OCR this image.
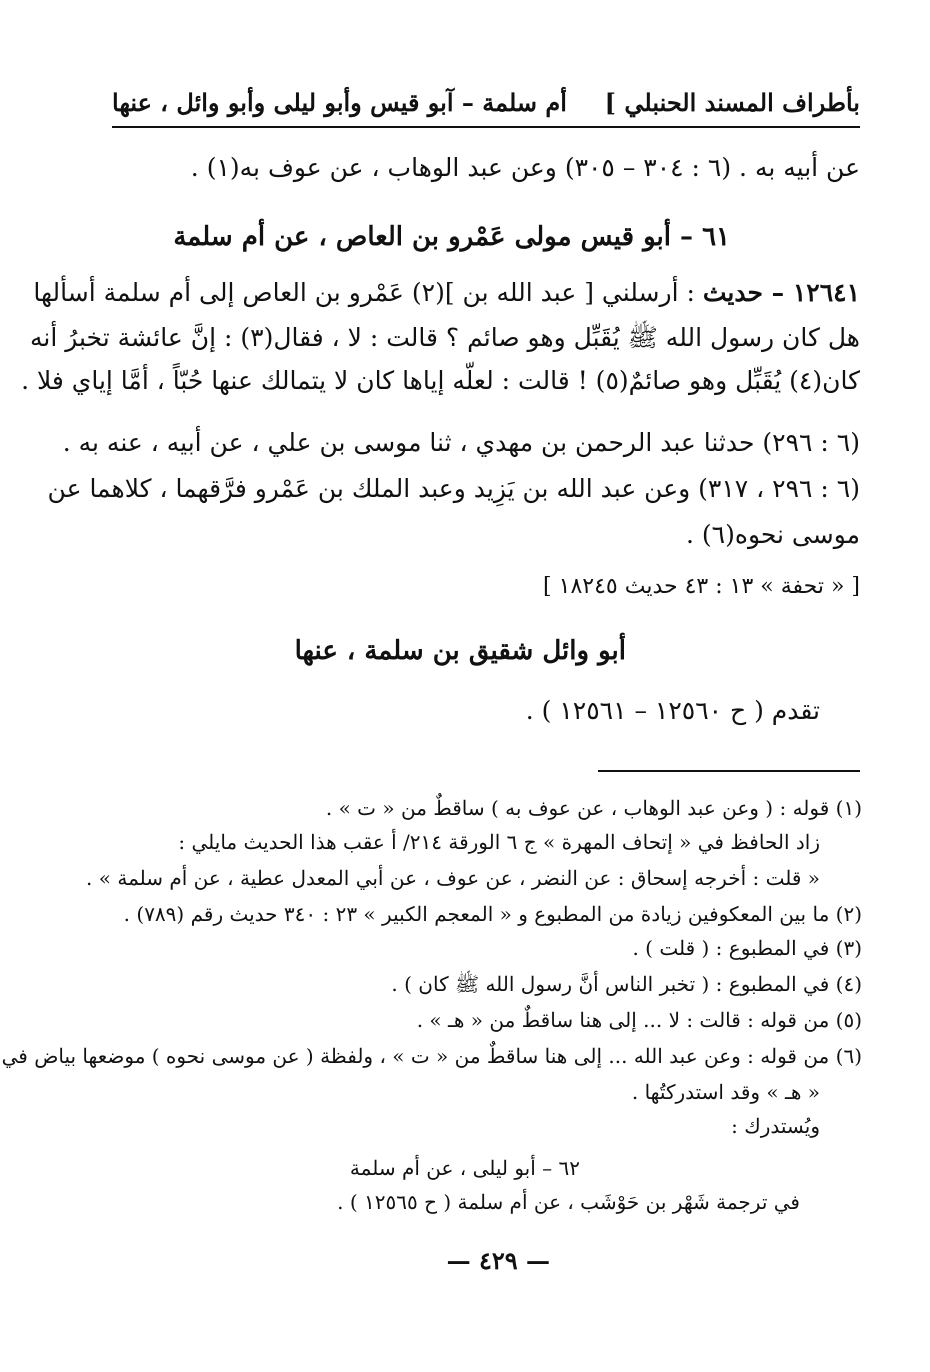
بأطراف المسند الحنبلي ]
أم سلمة – آبو قيس وأبو ليلى وأبو وائل ، عنها
عن أبيه به . (٦ : ٣٠٤ – ٣٠٥) وعن عبد الوهاب ، عن عوف به(١) .
٦١ – أبو قيس مولى عَمْرو بن العاص ، عن أم سلمة
١٢٦٤١ – حديث : أرسلني [ عبد الله بن ](٢) عَمْرو بن العاص إلى أم سلمة أسألها
هل كان رسول الله ﷺ يُقَبِّل وهو صائم ؟ قالت : لا ، فقال(٣) : إنَّ عائشة تخبرُ أنه
كان(٤) يُقَبِّل وهو صائمٌ(٥) ! قالت : لعلّه إياها كان لا يتمالك عنها حُبّاً ، أمَّا إياي فلا .
(٦ : ٢٩٦) حدثنا عبد الرحمن بن مهدي ، ثنا موسى بن علي ، عن أبيه ، عنه به .
(٦ : ٢٩٦ ، ٣١٧) وعن عبد الله بن يَزِيد وعبد الملك بن عَمْرو فرَّقهما ، كلاهما عن
موسى نحوه(٦) .
[ « تحفة » ١٣ : ٤٣ حديث ١٨٢٤٥ ]
أبو وائل شقيق بن سلمة ، عنها
تقدم ( ح ١٢٥٦٠ – ١٢٥٦١ ) .
(١) قوله : ( وعن عبد الوهاب ، عن عوف به ) ساقطٌ من « ت » .
زاد الحافظ في « إتحاف المهرة » ج ٦ الورقة ٢١٤/ أ عقب هذا الحديث مايلي :
« قلت : أخرجه إسحاق : عن النضر ، عن عوف ، عن أبي المعدل عطية ، عن أم سلمة » .
(٢) ما بين المعكوفين زيادة من المطبوع و « المعجم الكبير » ٢٣ : ٣٤٠ حديث رقم (٧٨٩) .
(٣) في المطبوع : ( قلت ) .
(٤) في المطبوع : ( تخبر الناس أنَّ رسول الله ﷺ كان ) .
(٥) من قوله : قالت : لا ... إلى هنا ساقطٌ من « هـ » .
(٦) من قوله : وعن عبد الله ... إلى هنا ساقطٌ من « ت » ، ولفظة ( عن موسى نحوه ) موضعها بياض في
« هـ » وقد استدركتُها .
ويُستدرك :
٦٢ – أبو ليلى ، عن أم سلمة
في ترجمة شَهْر بن حَوْشَب ، عن أم سلمة ( ح ١٢٥٦٥ ) .
— ٤٢٩ —
